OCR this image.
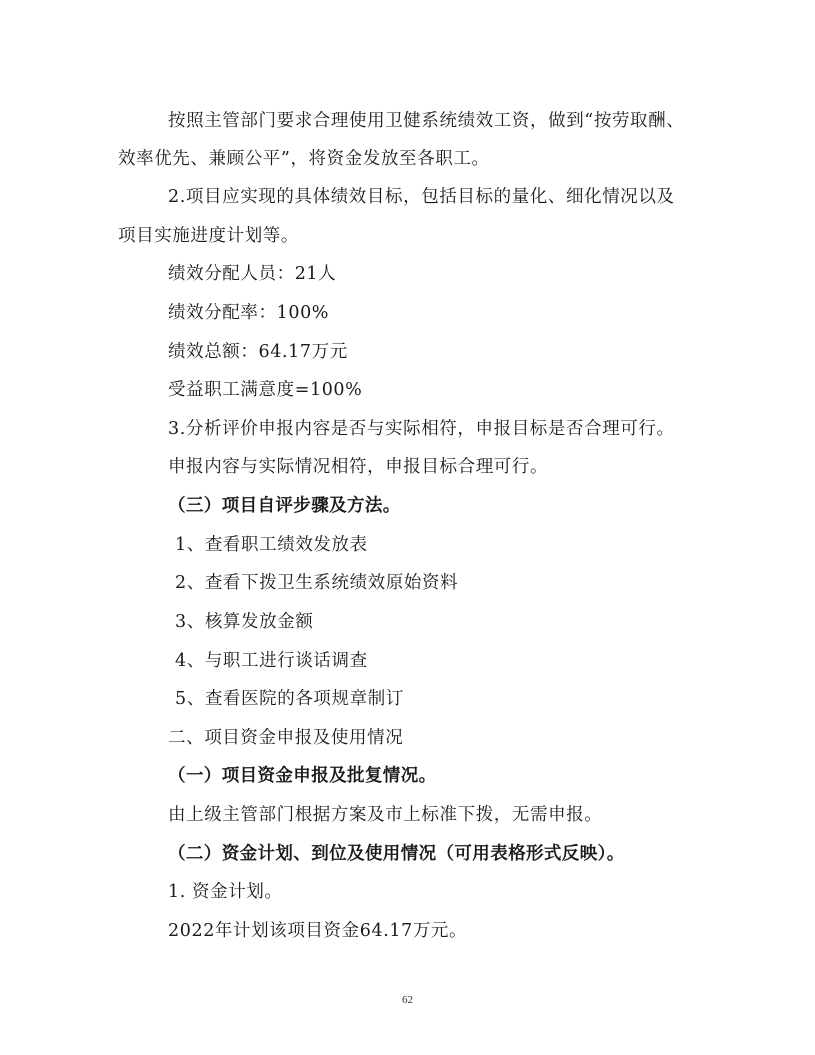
按照主管部门要求合理使用卫健系统绩效工资，做到“按劳取酬、
效率优先、兼顾公平”，将资金发放至各职工。
2.项目应实现的具体绩效目标，包括目标的量化、细化情况以及
项目实施进度计划等。
绩效分配人员：21人
绩效分配率：100%
绩效总额：64.17万元
受益职工满意度=100%
3.分析评价申报内容是否与实际相符，申报目标是否合理可行。
申报内容与实际情况相符，申报目标合理可行。
（三）项目自评步骤及方法。
1、查看职工绩效发放表
2、查看下拨卫生系统绩效原始资料
3、核算发放金额
4、与职工进行谈话调查
5、查看医院的各项规章制订
二、项目资金申报及使用情况
（一）项目资金申报及批复情况。
由上级主管部门根据方案及市上标准下拨，无需申报。
（二）资金计划、到位及使用情况（可用表格形式反映）。
1. 资金计划。
2022年计划该项目资金64.17万元。
62
